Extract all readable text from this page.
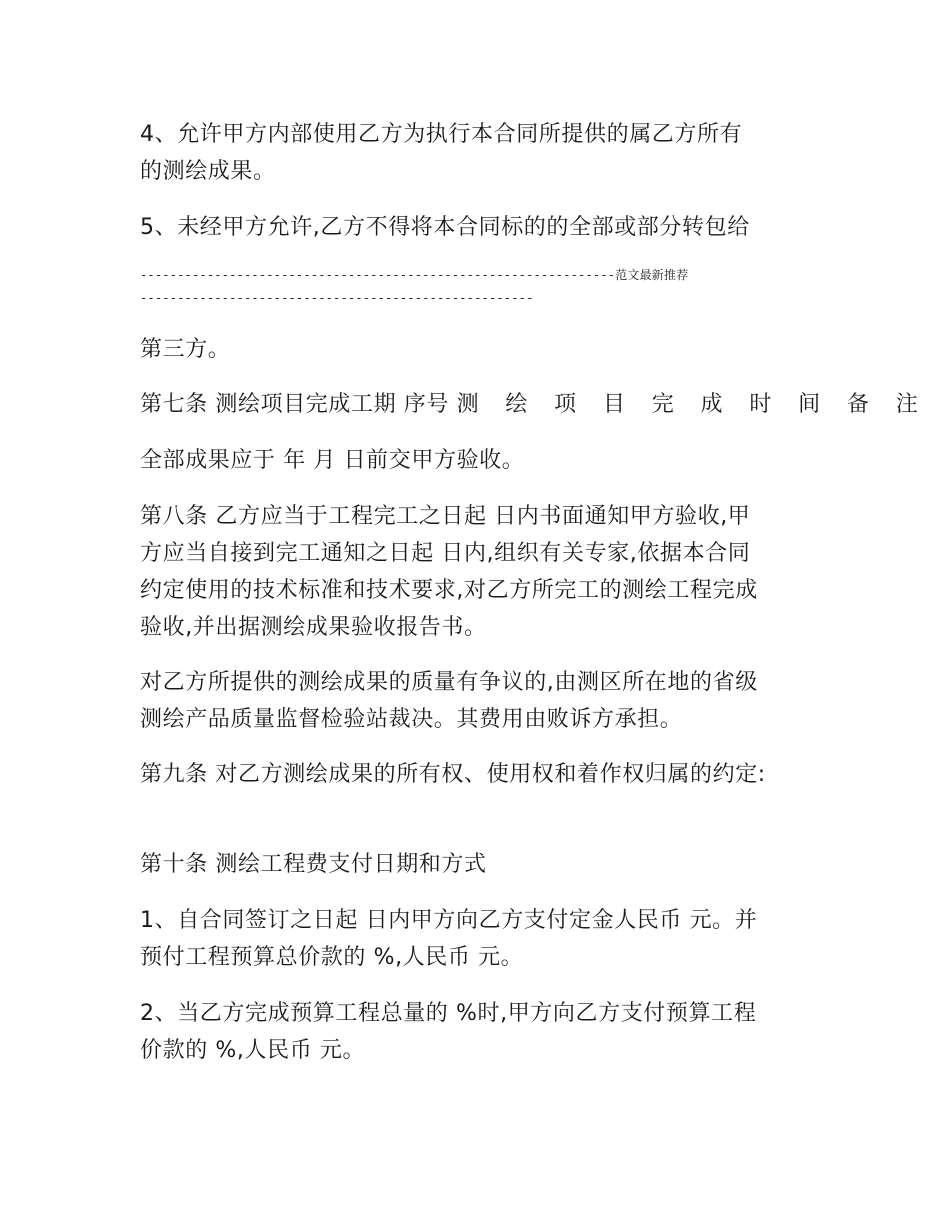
4、允许甲方内部使用乙方为执行本合同所提供的属乙方所有
的测绘成果。
5、未经甲方允许,乙方不得将本合同标的的全部或部分转包给
----------------------------------------------------------------范文最新推荐
-----------------------------------------------------
第三方。
第七条 测绘项目完成工期 序号 测 绘 项 目 完 成 时 间 备 注
全部成果应于 年 月 日前交甲方验收。
第八条 乙方应当于工程完工之日起 日内书面通知甲方验收,甲
方应当自接到完工通知之日起 日内,组织有关专家,依据本合同
约定使用的技术标准和技术要求,对乙方所完工的测绘工程完成
验收,并出据测绘成果验收报告书。
对乙方所提供的测绘成果的质量有争议的,由测区所在地的省级
测绘产品质量监督检验站裁决。其费用由败诉方承担。
第九条 对乙方测绘成果的所有权、使用权和着作权归属的约定:
第十条 测绘工程费支付日期和方式
1、自合同签订之日起 日内甲方向乙方支付定金人民币 元。并
预付工程预算总价款的 %,人民币 元。
2、当乙方完成预算工程总量的 %时,甲方向乙方支付预算工程
价款的 %,人民币 元。
